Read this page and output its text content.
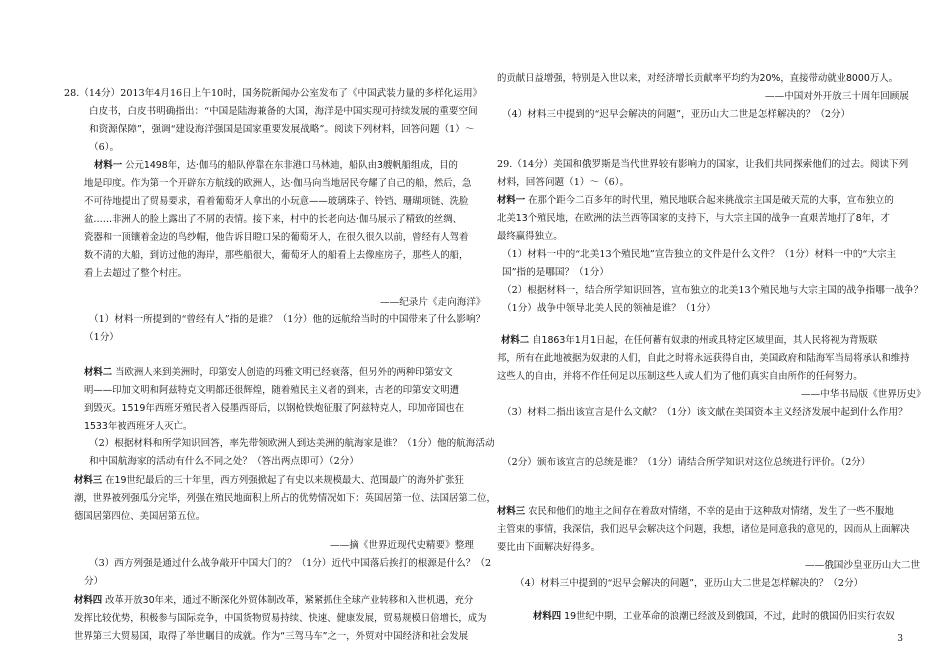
28.（14分）2013年4月16日上午10时，国务院新闻办公室发布了《中国武装力量的多样化运用》

白皮书，白皮书明确指出：“中国是陆海兼备的大国，海洋是中国实现可持续发展的重要空间

和资源保障”，强调“建设海洋强国是国家重要发展战略”。阅读下列材料，回答问题（1）～

（6）。

材料一 公元1498年，达·伽马的船队停靠在东非港口马林迪，船队由3艘帆船组成，目的

地是印度。作为第一个开辟东方航线的欧洲人，达·伽马向当地居民夸耀了自己的船，然后，急

不可待地提出了贸易要求，看着葡萄牙人拿出的小玩意——玻璃珠子、铃铛、珊瑚项链、洗脸

盆……非洲人的脸上露出了不屑的表情。接下来，村中的长老向达·伽马展示了精致的丝绸、

瓷器和一顶镶着金边的鸟纱帽，他告诉目瞪口呆的葡萄牙人，在很久很久以前，曾经有人驾着

数不清的大船，到访过他的海岸，那些船很大，葡萄牙人的船看上去像座房子，那些人的船，

看上去超过了整个村庄。

——纪录片《走向海洋》

（1）材料一所提到的“曾经有人”指的是谁？（1分）他的远航给当时的中国带来了什么影响？

（1分）

材料二 当欧洲人来到美洲时，印第安人创造的玛雅文明已经衰落，但另外的两种印第安文

明——印加文明和阿兹特克文明都还很辉煌，随着殖民主义者的到来，古老的印第安文明遭

到毁灭。1519年西班牙殖民者入侵墨西哥后，以钢枪铁炮征服了阿兹特克人，印加帝国也在

1533年被西班牙人灭亡。

（2）根据材料和所学知识回答，率先带领欧洲人到达美洲的航海家是谁？（1分）他的航海活动

和中国航海家的活动有什么不同之处？（答出两点即可）（2分）

材料三 在19世纪最后的三十年里，西方列强掀起了有史以来规模最大、范围最广的海外扩张狂

潮，世界被列强瓜分完毕，列强在殖民地面积上所占的优势情况如下：英国居第一位、法国居第二位，

德国居第四位、美国居第五位。

——摘《世界近现代史精要》整理

（3）西方列强是通过什么战争敲开中国大门的？（1分）近代中国落后挨打的根源是什么？（2

分）

材料四 改革开放30年来，通过不断深化外贸体制改革，紧紧抓住全球产业转移和入世机遇，充分

发挥比较优势，积极参与国际竞争，中国货物贸易持续、快速、健康发展，贸易规模日倍增长，成为

世界第三大贸易国，取得了举世瞩目的成就。作为“三驾马车”之一，外贸对中国经济和社会发展

的贡献日益增强，特别是入世以来，对经济增长贡献率平均约为20%，直接带动就业8000万人。

——中国对外开放三十周年回顾展

（4）材料三中提到的“迟早会解决的问题”，亚历山大二世是怎样解决的？（2分）

29.（14分）美国和俄罗斯是当代世界较有影响力的国家，让我们共同探索他们的过去。阅读下列

材料，回答问题（1）～（6）。

材料一 在那个距今二百多年的时代里，殖民地联合起来挑战宗主国是破天荒的大事，宣布独立的

北美13个殖民地，在欧洲的法兰西等国家的支持下，与大宗主国的战争一直艰苦地打了8年，才

最终赢得独立。

（1）材料一中的“北美13个殖民地”宣告独立的文件是什么文件？（1分）材料一中的“大宗主

国”指的是哪国？（1分）

（2）根据材料一，结合所学知识回答，宣布独立的北美13个殖民地与大宗主国的战争指哪一战争？

（1分）战争中领导北美人民的领袖是谁？（1分）

材料二 自1863年1月1日起，在任何蓄有奴隶的州或具特定区域里面，其人民将视为背叛联

邦，所有在此地被据为奴隶的人们，自此之时将永远获得自由，美国政府和陆海军当局将承认和维持

这些人的自由，并将不作任何足以压制这些人或人们为了他们真实自由所作的任何努力。

——中华书局版《世界历史》

（3）材料二指出该宣言是什么文献？（1分）该文献在美国资本主义经济发展中起到什么作用？

（2分）颁布该宣言的总统是谁？（1分）请结合所学知识对这位总统进行评价。（2分）

材料三 农民和他们的地主之间存在着敌对情绪，不幸的是由于这种敌对情绪，发生了一些不服地

主管束的事情，我深信，我们迟早会解决这个问题，我想，诸位是同意我的意见的，因而从上面解决

要比由下面解决好得多。

——俄国沙皇亚历山大二世

（4）材料三中提到的“迟早会解决的问题”，亚历山大二世是怎样解决的？（2分）

材料四 19世纪中期，工业革命的浪潮已经波及到俄国，不过，此时的俄国仍旧实行农奴

3
